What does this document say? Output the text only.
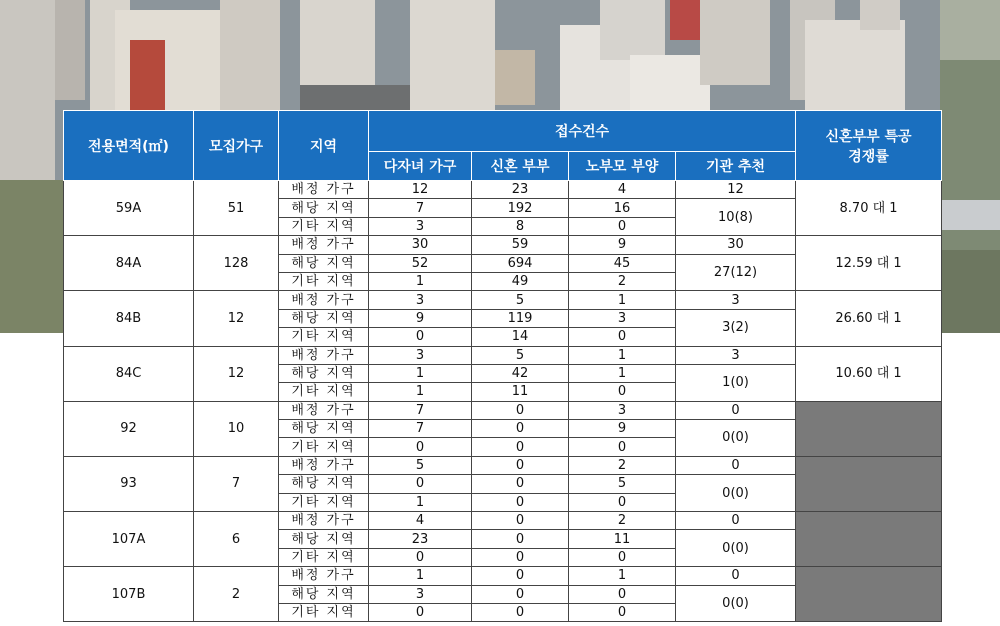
전용면적(㎡)	모집가구	지역	접수건수				신혼부부 특공
경쟁률

			다자녀 가구	신혼 부부	노부모 부양	기관 추천	
59A	51	배정 가구	12	23	4	12	8.70 대 1
		해당 지역	7	192	16	10(8)	
		기타 지역	3	8	0		
84A	128	배정 가구	30	59	9	30	12.59 대 1
		해당 지역	52	694	45	27(12)	
		기타 지역	1	49	2		
84B	12	배정 가구	3	5	1	3	26.60 대 1
		해당 지역	9	119	3	3(2)	
		기타 지역	0	14	0		
84C	12	배정 가구	3	5	1	3	10.60 대 1
		해당 지역	1	42	1	1(0)	
		기타 지역	1	11	0		
92	10	배정 가구	7	0	3	0	
		해당 지역	7	0	9	0(0)	
		기타 지역	0	0	0		
93	7	배정 가구	5	0	2	0	
		해당 지역	0	0	5	0(0)	
		기타 지역	1	0	0		
107A	6	배정 가구	4	0	2	0	
		해당 지역	23	0	11	0(0)	
		기타 지역	0	0	0		
107B	2	배정 가구	1	0	1	0	
		해당 지역	3	0	0	0(0)	
		기타 지역	0	0	0		
